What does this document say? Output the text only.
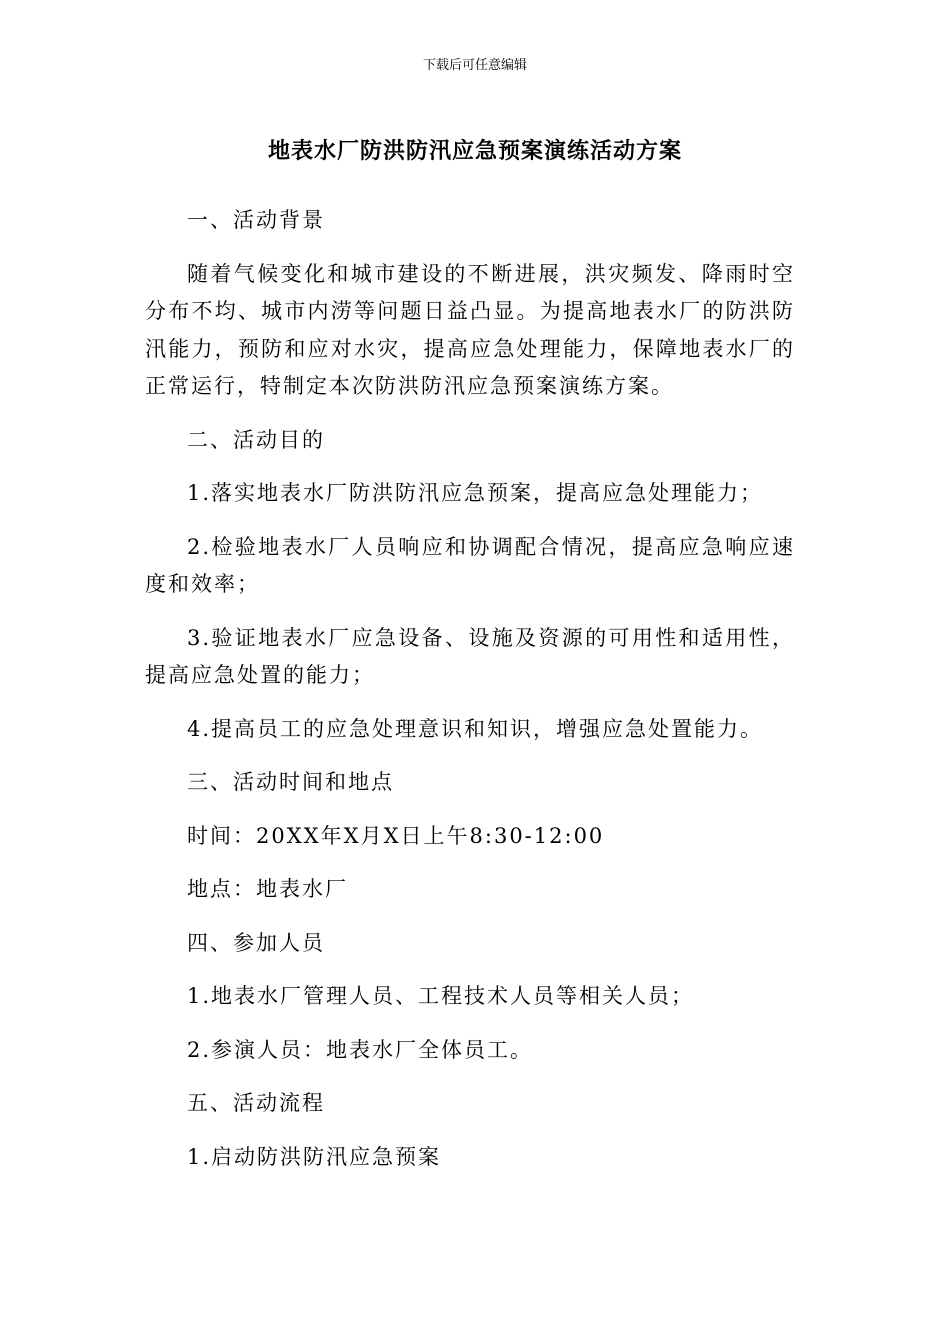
下载后可任意编辑
地表水厂防洪防汛应急预案演练活动方案

一、活动背景

随着气候变化和城市建设的不断进展，洪灾频发、降雨时空分布不均、城市内涝等问题日益凸显。为提高地表水厂的防洪防汛能力，预防和应对水灾，提高应急处理能力，保障地表水厂的正常运行，特制定本次防洪防汛应急预案演练方案。

二、活动目的

1.落实地表水厂防洪防汛应急预案，提高应急处理能力；

2.检验地表水厂人员响应和协调配合情况，提高应急响应速度和效率；

3.验证地表水厂应急设备、设施及资源的可用性和适用性，提高应急处置的能力；

4.提高员工的应急处理意识和知识，增强应急处置能力。

三、活动时间和地点

时间：20XX年X月X日上午8:30-12:00

地点：地表水厂

四、参加人员

1.地表水厂管理人员、工程技术人员等相关人员；

2.参演人员：地表水厂全体员工。

五、活动流程

1.启动防洪防汛应急预案
